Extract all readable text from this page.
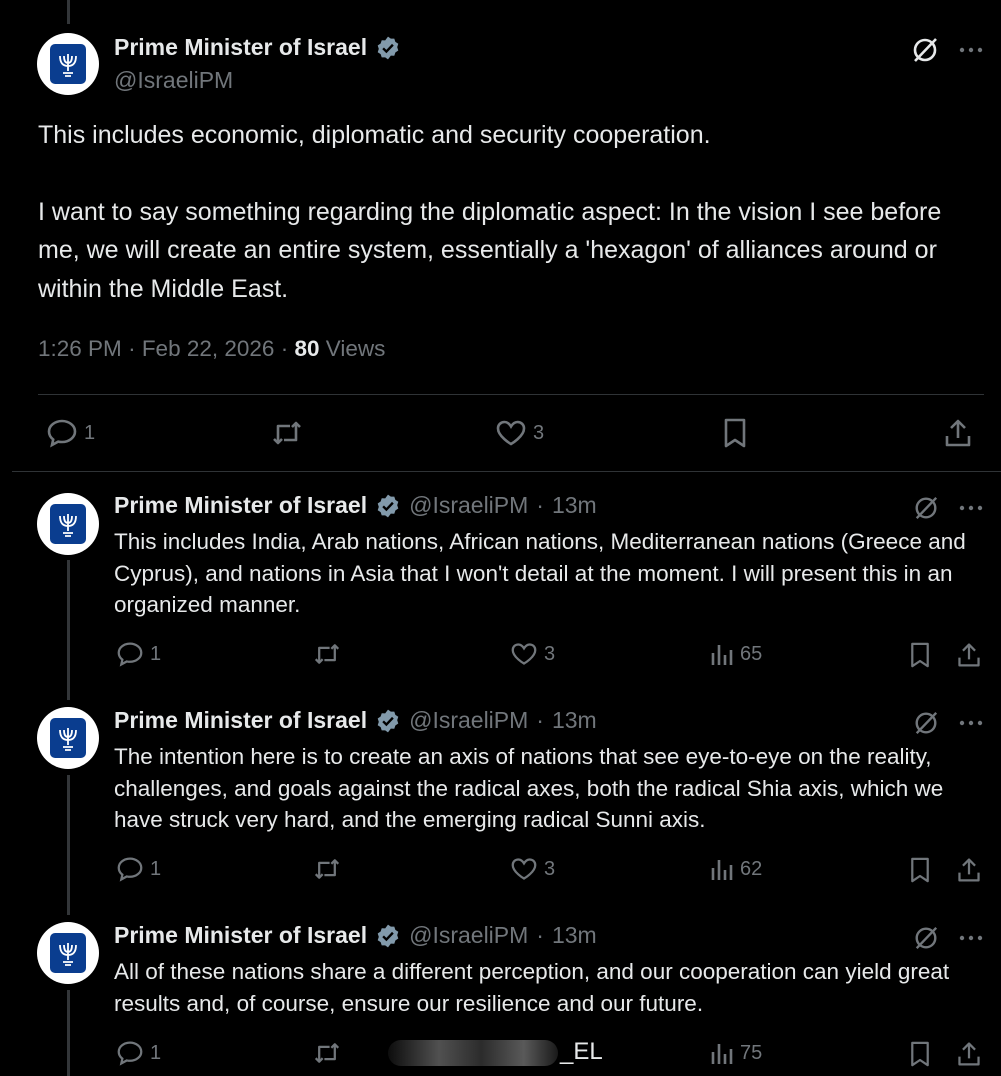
Prime Minister of Israel
@IsraeliPM
This includes economic, diplomatic and security cooperation.
I want to say something regarding the diplomatic aspect: In the vision I see before me, we will create an entire system, essentially a 'hexagon' of alliances around or within the Middle East.
1:26 PM · Feb 22, 2026 · 80 Views
1	3
Prime Minister of Israel @IsraeliPM · 13m
This includes India, Arab nations, African nations, Mediterranean nations (Greece and Cyprus), and nations in Asia that I won't detail at the moment. I will present this in an organized manner.
1	3	65
Prime Minister of Israel @IsraeliPM · 13m
The intention here is to create an axis of nations that see eye-to-eye on the reality, challenges, and goals against the radical axes, both the radical Shia axis, which we have struck very hard, and the emerging radical Sunni axis.
1	3	62
Prime Minister of Israel @IsraeliPM · 13m
All of these nations share a different perception, and our cooperation can yield great results and, of course, ensure our resilience and our future.
1	_EL	75
